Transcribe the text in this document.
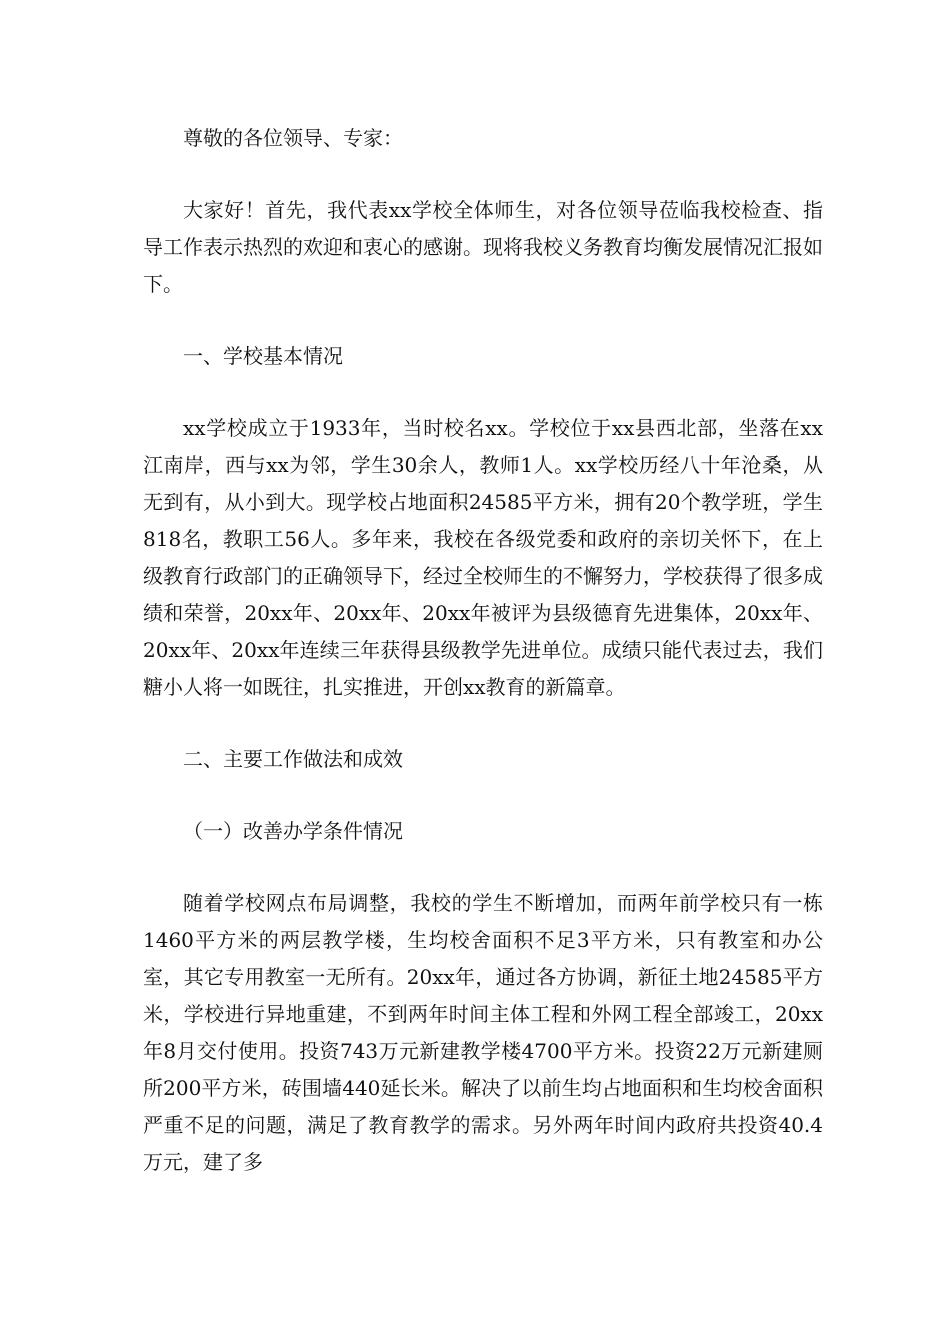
尊敬的各位领导、专家：

大家好！首先，我代表xx学校全体师生，对各位领导莅临我校检查、指导工作表示热烈的欢迎和衷心的感谢。现将我校义务教育均衡发展情况汇报如下。

一、学校基本情况

xx学校成立于1933年，当时校名xx。学校位于xx县西北部，坐落在xx江南岸，西与xx为邻，学生30余人，教师1人。xx学校历经八十年沧桑，从无到有，从小到大。现学校占地面积24585平方米，拥有20个教学班，学生818名，教职工56人。多年来，我校在各级党委和政府的亲切关怀下，在上级教育行政部门的正确领导下，经过全校师生的不懈努力，学校获得了很多成绩和荣誉，20xx年、20xx年、20xx年被评为县级德育先进集体，20xx年、20xx年、20xx年连续三年获得县级教学先进单位。成绩只能代表过去，我们糖小人将一如既往，扎实推进，开创xx教育的新篇章。

二、主要工作做法和成效

（一）改善办学条件情况

随着学校网点布局调整，我校的学生不断增加，而两年前学校只有一栋1460平方米的两层教学楼，生均校舍面积不足3平方米，只有教室和办公室，其它专用教室一无所有。20xx年，通过各方协调，新征土地24585平方米，学校进行异地重建，不到两年时间主体工程和外网工程全部竣工，20xx年8月交付使用。投资743万元新建教学楼4700平方米。投资22万元新建厕所200平方米，砖围墙440延长米。解决了以前生均占地面积和生均校舍面积严重不足的问题，满足了教育教学的需求。另外两年时间内政府共投资40.4万元，建了多
